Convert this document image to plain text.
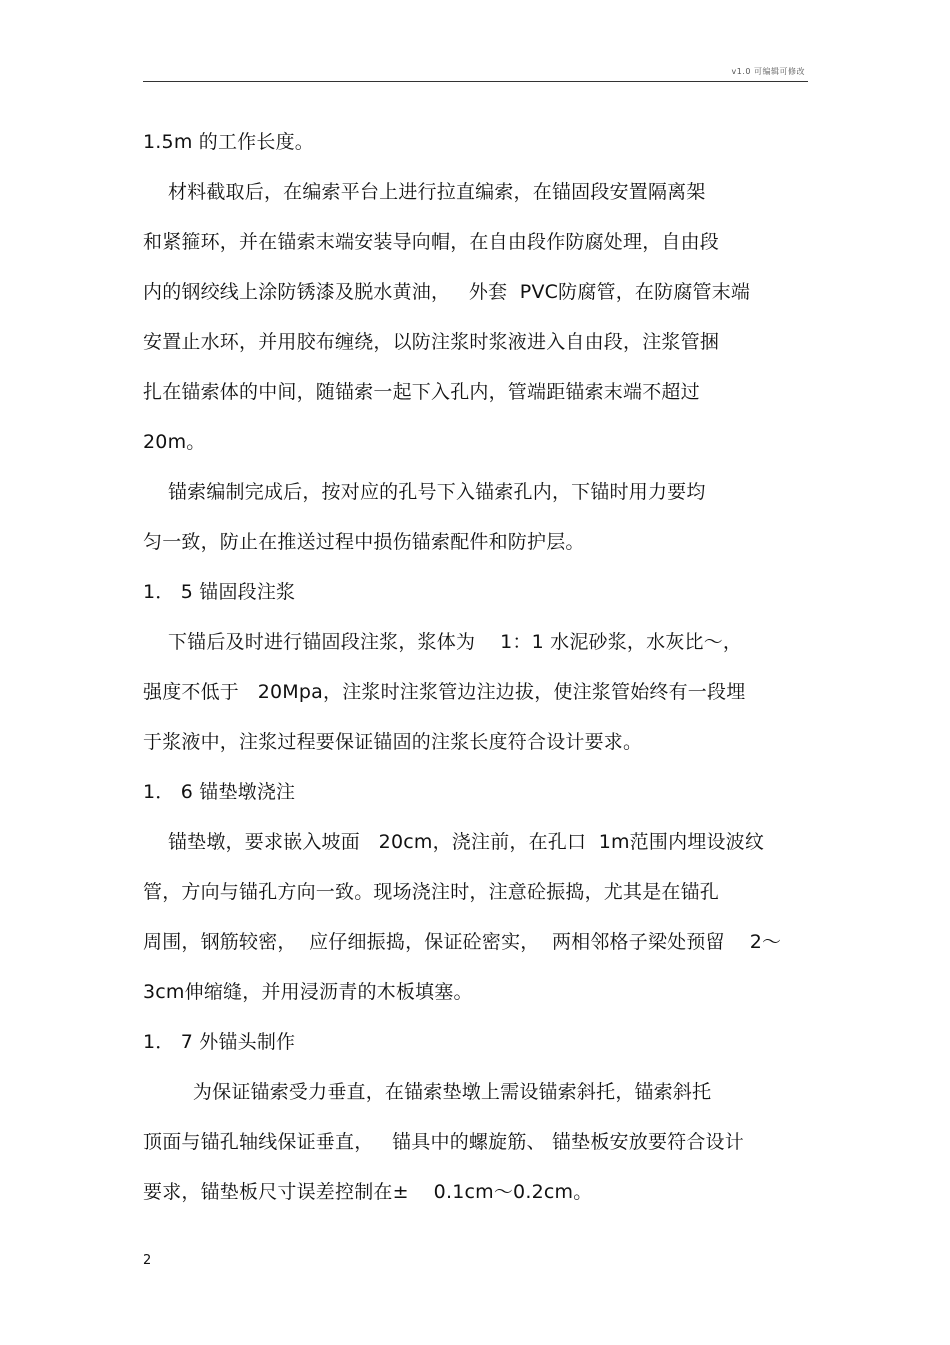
v1.0 可编辑可修改
1.5m 的工作长度。
材料截取后，在编索平台上进行拉直编索，在锚固段安置隔离架
和紧箍环，并在锚索末端安装导向帽，在自由段作防腐处理，自由段
内的钢绞线上涂防锈漆及脱水黄油，   外套  PVC防腐管，在防腐管末端
安置止水环，并用胶布缠绕，以防注浆时浆液进入自由段，注浆管捆
扎在锚索体的中间，随锚索一起下入孔内，管端距锚索末端不超过
20m。
锚索编制完成后，按对应的孔号下入锚索孔内，下锚时用力要均
匀一致，防止在推送过程中损伤锚索配件和防护层。
1． 5 锚固段注浆
下锚后及时进行锚固段注浆，浆体为    1：1 水泥砂浆，水灰比～，
强度不低于   20Mpa，注浆时注浆管边注边拔，使注浆管始终有一段埋
于浆液中，注浆过程要保证锚固的注浆长度符合设计要求。
1． 6 锚垫墩浇注
锚垫墩，要求嵌入坡面   20cm，浇注前，在孔口  1m范围内埋设波纹
管，方向与锚孔方向一致。现场浇注时，注意砼振捣，尤其是在锚孔
周围，钢筋较密，  应仔细振捣，保证砼密实，  两相邻格子梁处预留    2～
3cm伸缩缝，并用浸沥青的木板填塞。
1． 7 外锚头制作
为保证锚索受力垂直，在锚索垫墩上需设锚索斜托，锚索斜托
顶面与锚孔轴线保证垂直，   锚具中的螺旋筋、 锚垫板安放要符合设计
要求，锚垫板尺寸误差控制在±    0.1cm～0.2cm。
2
